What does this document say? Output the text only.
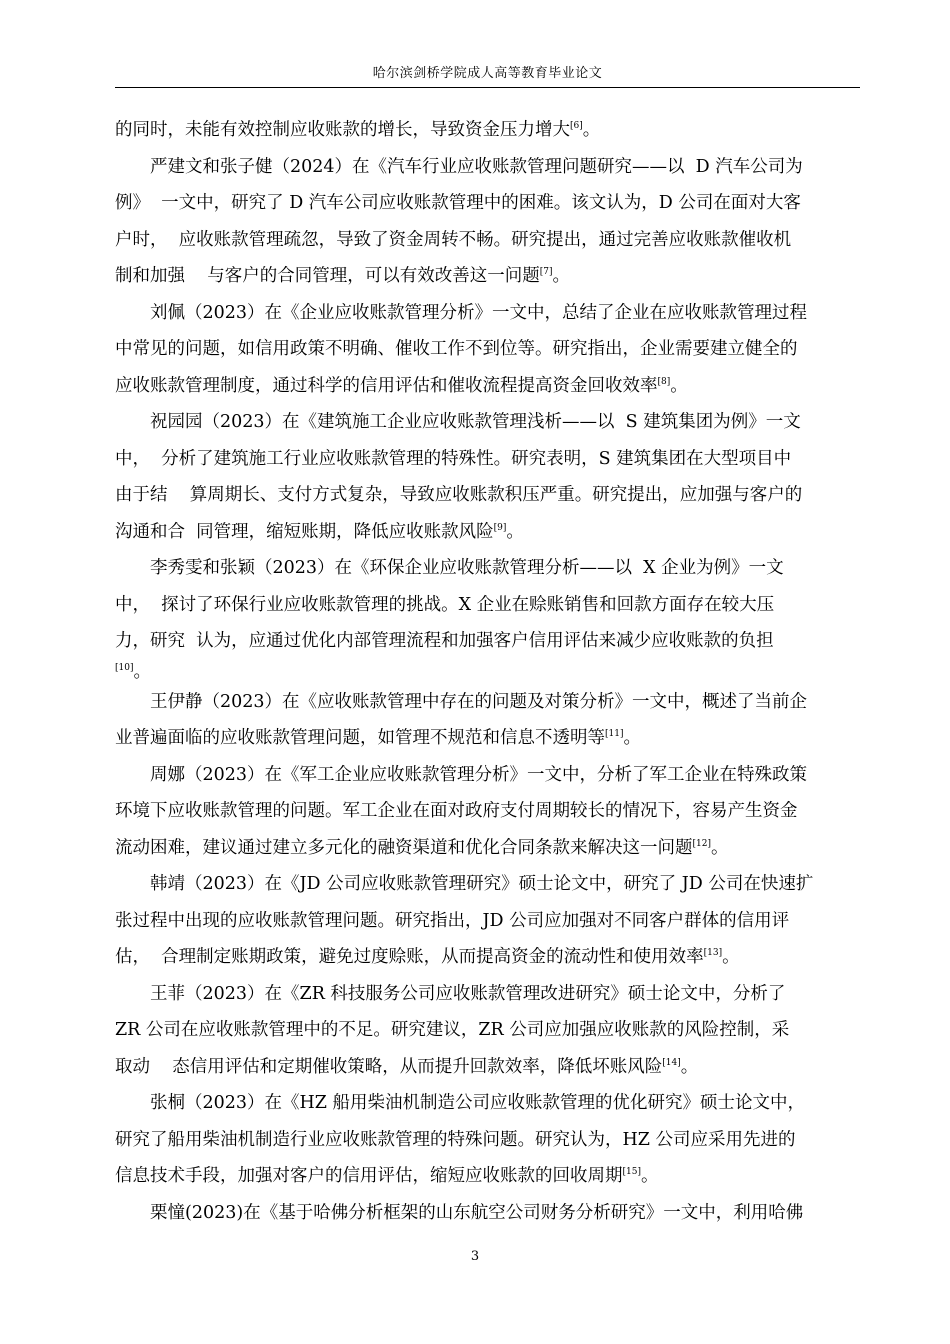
哈尔滨剑桥学院成人高等教育毕业论文
的同时，未能有效控制应收账款的增长，导致资金压力增大[6]。
严建文和张子健（2024）在《汽车行业应收账款管理问题研究——以  D 汽车公司为
例》  一文中，研究了 D 汽车公司应收账款管理中的困难。该文认为，D 公司在面对大客
户时，  应收账款管理疏忽，导致了资金周转不畅。研究提出，通过完善应收账款催收机
制和加强    与客户的合同管理，可以有效改善这一问题[7]。
刘佩（2023）在《企业应收账款管理分析》一文中，总结了企业在应收账款管理过程
中常见的问题，如信用政策不明确、催收工作不到位等。研究指出，企业需要建立健全的
应收账款管理制度，通过科学的信用评估和催收流程提高资金回收效率[8]。
祝园园（2023）在《建筑施工企业应收账款管理浅析——以  S 建筑集团为例》一文
中，  分析了建筑施工行业应收账款管理的特殊性。研究表明，S 建筑集团在大型项目中
由于结    算周期长、支付方式复杂，导致应收账款积压严重。研究提出，应加强与客户的
沟通和合  同管理，缩短账期，降低应收账款风险[9]。
李秀雯和张颖（2023）在《环保企业应收账款管理分析——以  X 企业为例》一文
中，  探讨了环保行业应收账款管理的挑战。X 企业在赊账销售和回款方面存在较大压
力，研究  认为，应通过优化内部管理流程和加强客户信用评估来减少应收账款的负担
[10]。
王伊静（2023）在《应收账款管理中存在的问题及对策分析》一文中，概述了当前企
业普遍面临的应收账款管理问题，如管理不规范和信息不透明等[11]。
周娜（2023）在《军工企业应收账款管理分析》一文中，分析了军工企业在特殊政策
环境下应收账款管理的问题。军工企业在面对政府支付周期较长的情况下，容易产生资金
流动困难，建议通过建立多元化的融资渠道和优化合同条款来解决这一问题[12]。
韩靖（2023）在《JD 公司应收账款管理研究》硕士论文中，研究了 JD 公司在快速扩
张过程中出现的应收账款管理问题。研究指出，JD 公司应加强对不同客户群体的信用评
估，  合理制定账期政策，避免过度赊账，从而提高资金的流动性和使用效率[13]。
王菲（2023）在《ZR 科技服务公司应收账款管理改进研究》硕士论文中，分析了
ZR 公司在应收账款管理中的不足。研究建议，ZR 公司应加强应收账款的风险控制，采
取动    态信用评估和定期催收策略，从而提升回款效率，降低坏账风险[14]。
张桐（2023）在《HZ 船用柴油机制造公司应收账款管理的优化研究》硕士论文中，
研究了船用柴油机制造行业应收账款管理的特殊问题。研究认为，HZ 公司应采用先进的
信息技术手段，加强对客户的信用评估，缩短应收账款的回收周期[15]。
栗憧(2023)在《基于哈佛分析框架的山东航空公司财务分析研究》一文中，利用哈佛
3
